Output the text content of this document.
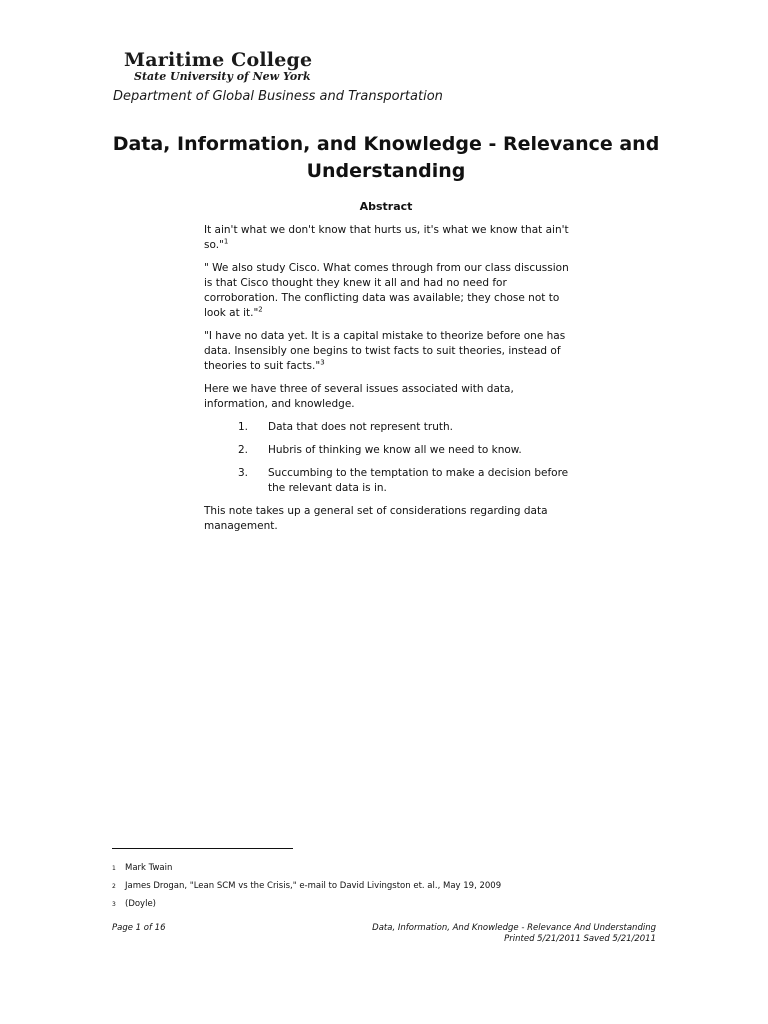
Maritime College
State University of New York
Department of Global Business and Transportation
Data, Information, and Knowledge - Relevance and Understanding
Abstract

It ain't what we don't know that hurts us, it's what we know that ain't so."$^1$

" We also study Cisco. What comes through from our class discussion is that Cisco thought they knew it all and had no need for corroboration. The conflicting data was available; they chose not to look at it."$^2$

"I have no data yet. It is a capital mistake to theorize before one has data. Insensibly one begins to twist facts to suit theories, instead of theories to suit facts."$^3$

Here we have three of several issues associated with data, information, and knowledge.

1.	Data that does not represent truth.
2.	Hubris of thinking we know all we need to know.
3.	Succumbing to the temptation to make a decision before the relevant data is in.

This note takes up a general set of considerations regarding data management.

1	Mark Twain
2	James Drogan, "Lean SCM vs the Crisis," e-mail to David Livingston et. al., May 19, 2009
3	(Doyle)
Page 1 of 16	Data, Information, And Knowledge - Relevance And Understanding
Printed 5/21/2011 Saved 5/21/2011
